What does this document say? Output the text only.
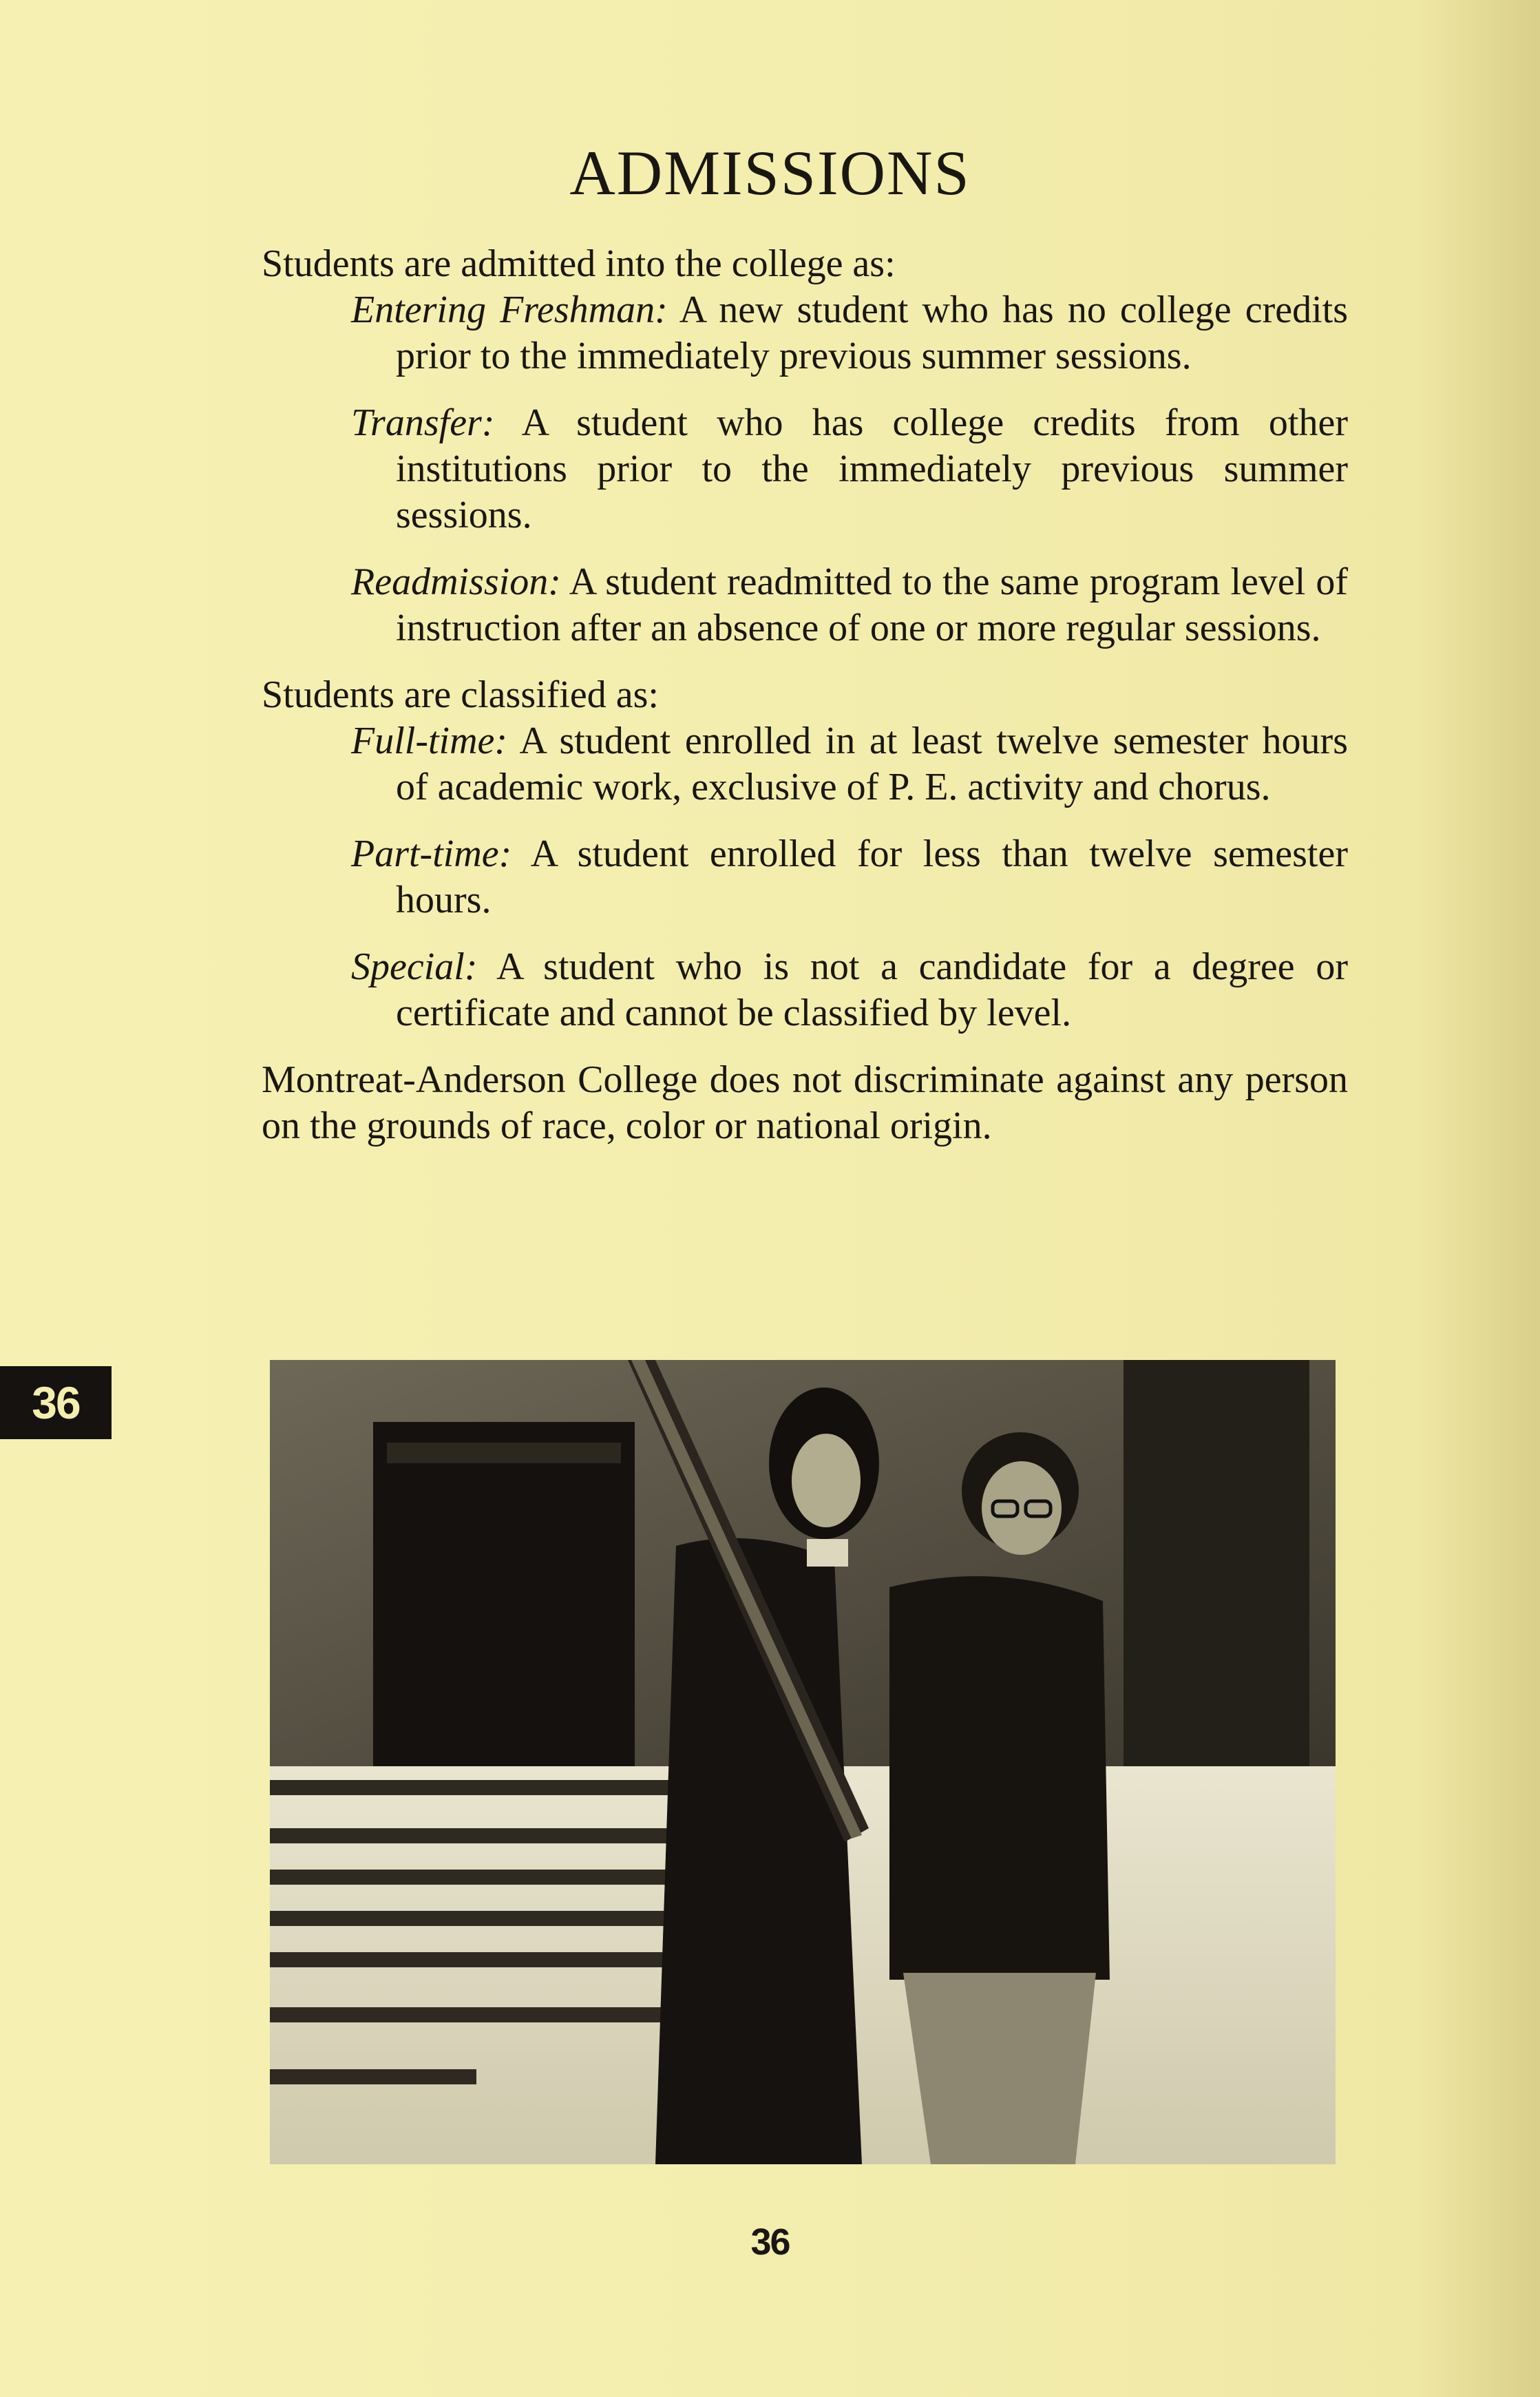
ADMISSIONS

Students are admitted into the college as:

Entering Freshman: A new student who has no college credits prior to the immediately previous summer sessions.

Transfer: A student who has college credits from other institutions prior to the immediately previous summer sessions.

Readmission: A student readmitted to the same program level of instruction after an absence of one or more regular sessions.

Students are classified as:

Full-time: A student enrolled in at least twelve semester hours of academic work, exclusive of P. E. activity and chorus.

Part-time: A student enrolled for less than twelve semester hours.

Special: A student who is not a candidate for a degree or certificate and cannot be classified by level.

Montreat-Anderson College does not discriminate against any person on the grounds of race, color or national origin.

36
36
